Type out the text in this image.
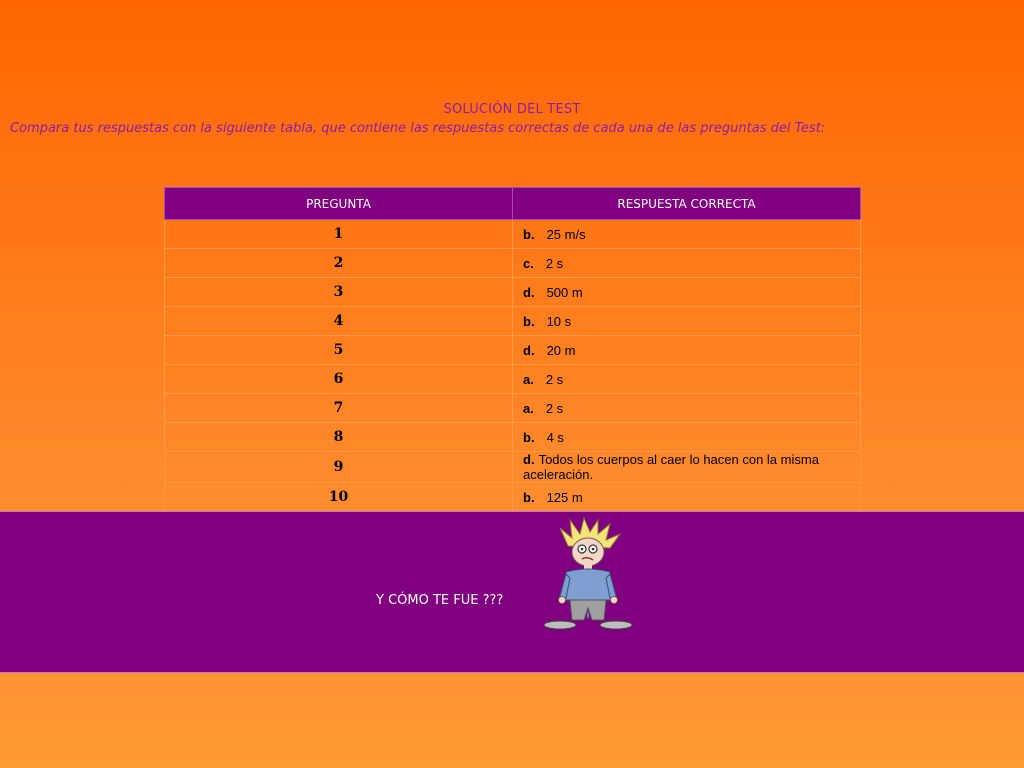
SOLUCIÓN DEL TEST
Compara tus respuestas con la siguiente tabla, que contiene las respuestas correctas de cada una de las preguntas del Test:
PREGUNTA	RESPUESTA CORRECTA
1	b. 25 m/s
2	c. 2 s
3	d. 500 m
4	b. 10 s
5	d. 20 m
6	a. 2 s
7	a. 2 s
8	b. 4 s
9	d. Todos los cuerpos al caer lo hacen con la misma aceleración.
10	b. 125 m
Y CÓMO TE FUE ???
